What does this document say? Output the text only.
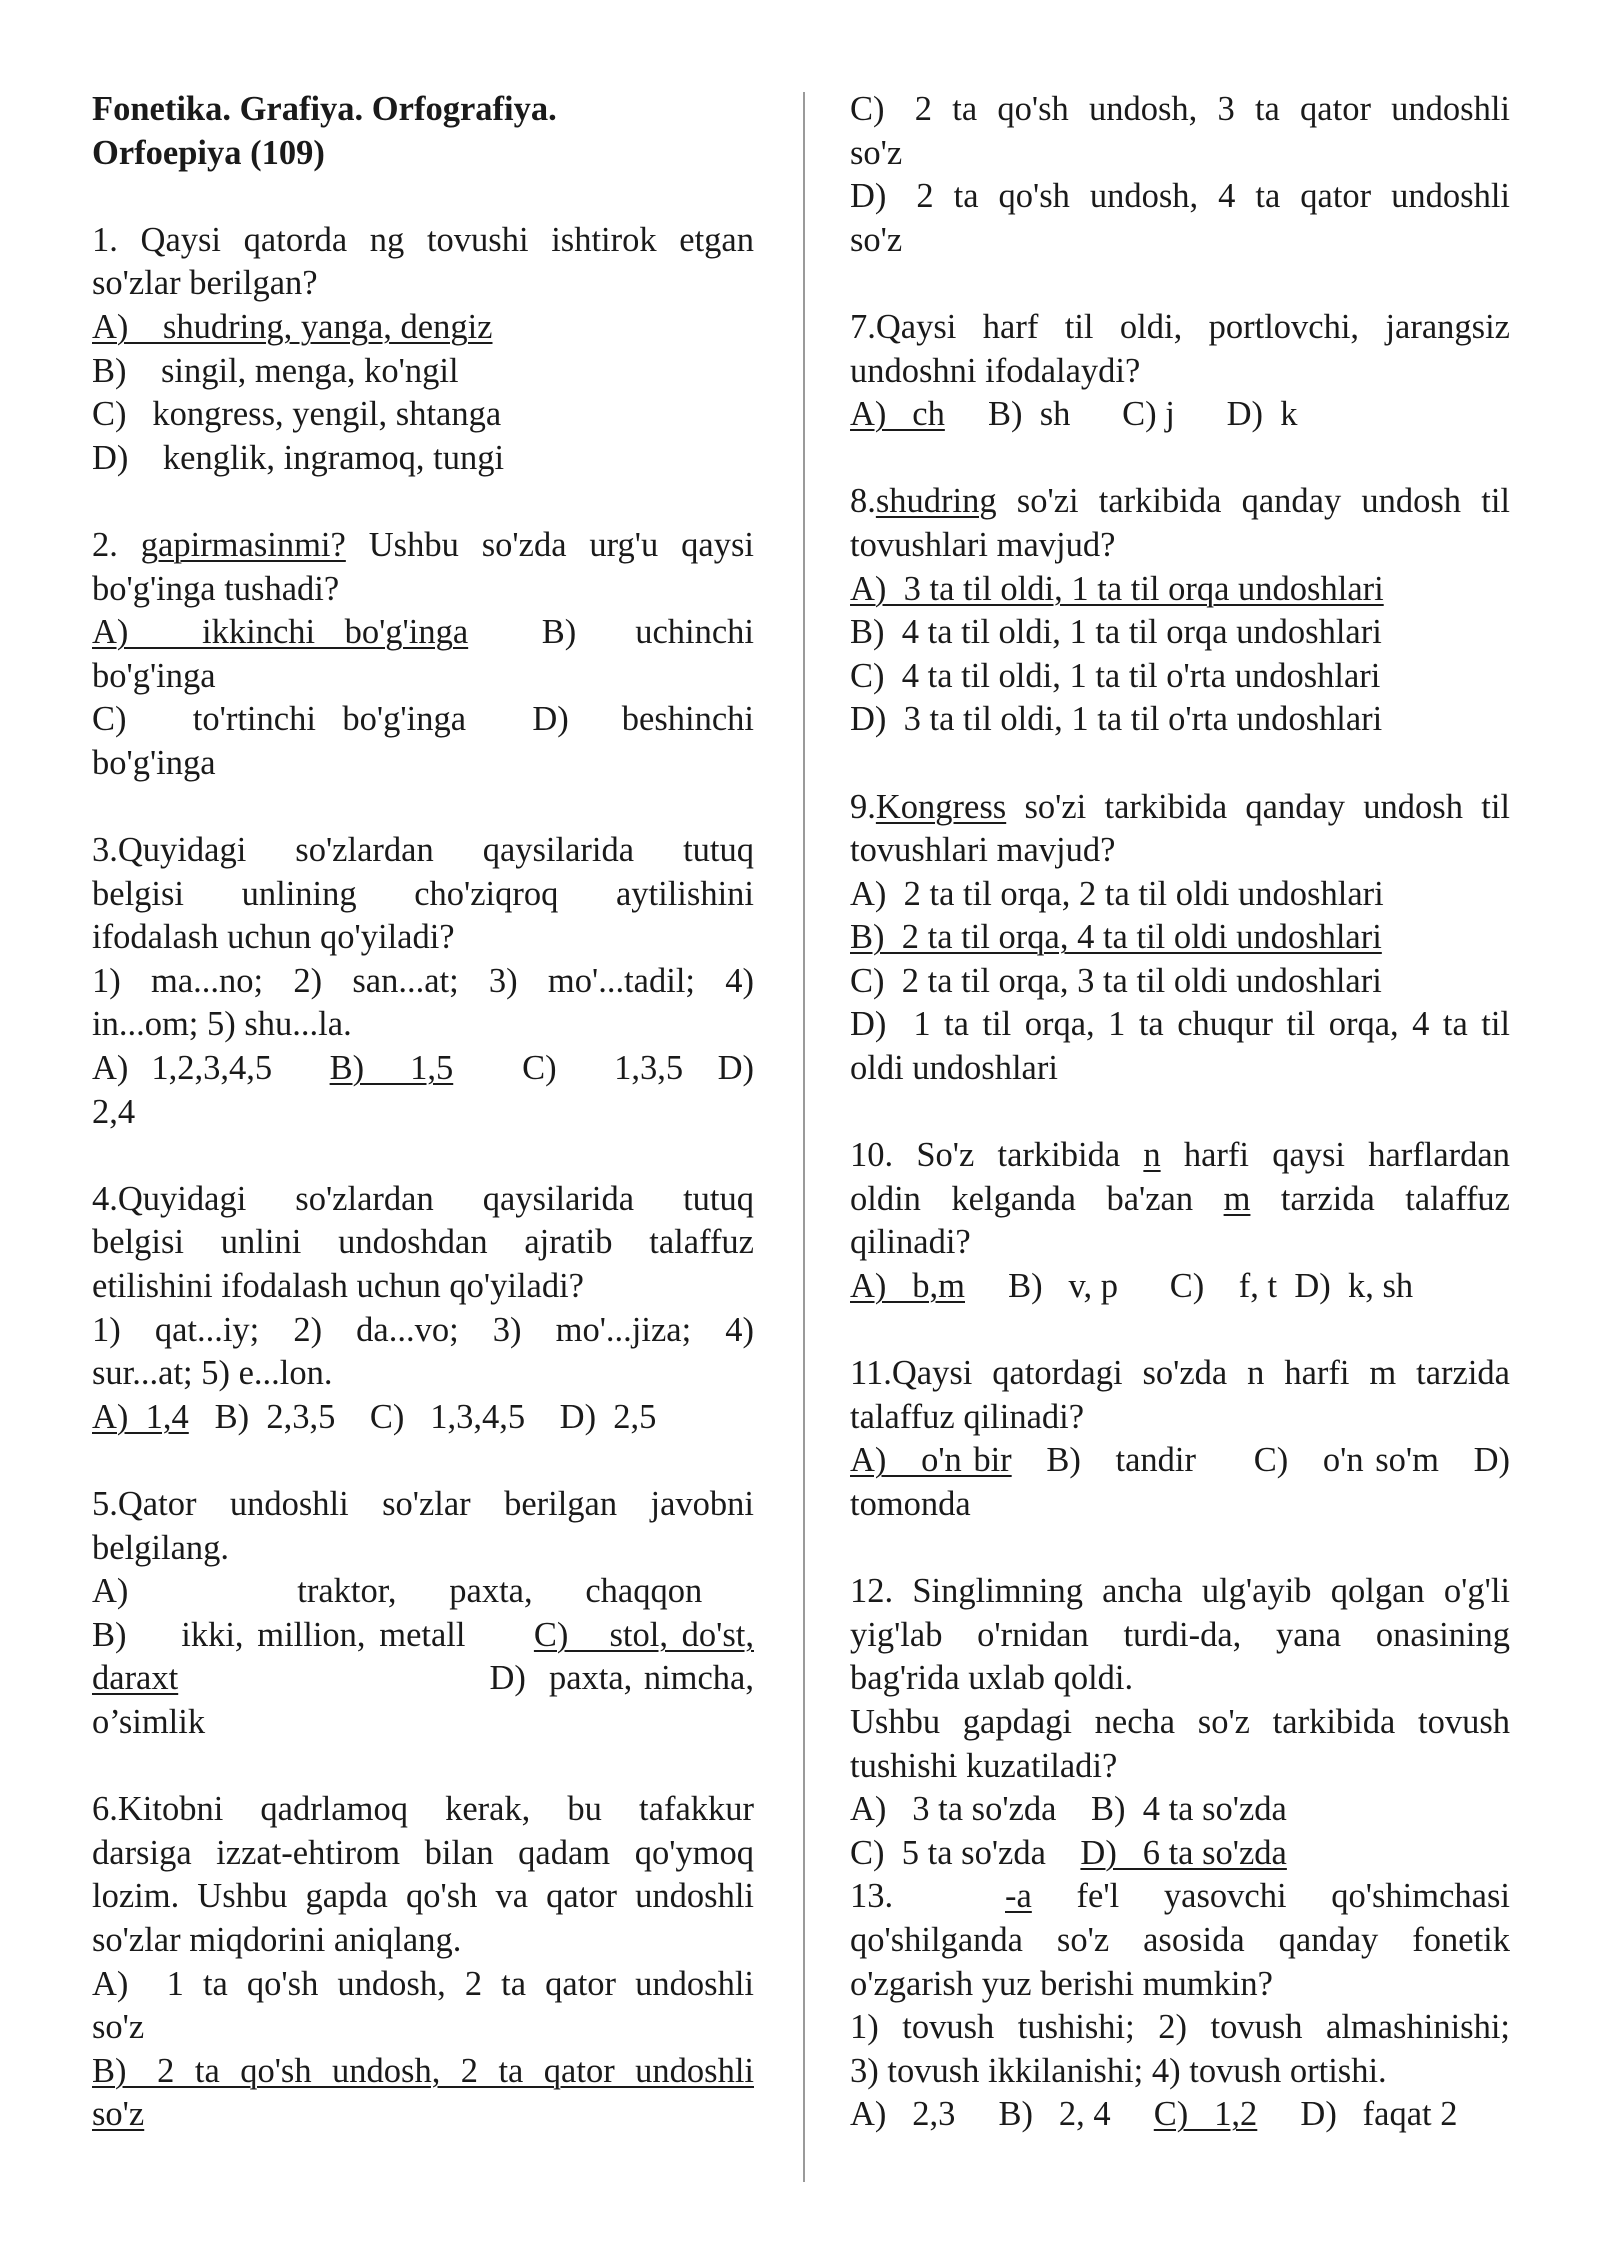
Fonetika. Grafiya. Orfografiya.
Orfoepiya (109)
1. Qaysi qatorda ng tovushi ishtirok etgan
so'zlar berilgan?
A)    shudring, yanga, dengiz
B)    singil, menga, ko'ngil
C)   kongress, yengil, shtanga
D)    kenglik, ingramoq, tungi
2. gapirmasinmi? Ushbu so'zda urg'u qaysi
bo'g'inga tushadi?
A)     ikkinchi  bo'g'inga     B)    uchinchi
bo'g'inga
C)     to'rtinchi  bo'g'inga     D)    beshinchi
bo'g'inga
3.Quyidagi  so'zlardan  qaysilarida  tutuq
belgisi   unlining   cho'ziqroq   aytilishini
ifodalash uchun qo'yiladi?
1)  ma...no;  2)  san...at;  3)  mo'...tadil;  4)
in...om; 5) shu...la.
A)  1,2,3,4,5     B)    1,5      C)     1,3,5   D)
2,4
4.Quyidagi  so'zlardan  qaysilarida  tutuq
belgisi  unlini  undoshdan  ajratib  talaffuz
etilishini ifodalash uchun qo'yiladi?
1)  qat...iy;  2)  da...vo;  3)  mo'...jiza;  4)
sur...at; 5) e...lon.
A)  1,4   B)  2,3,5    C)   1,3,4,5    D)  2,5
5.Qator  undoshli  so'zlar  berilgan  javobni
belgilang.
A)                traktor,     paxta,     chaqqon
B)    ikki, million, metall     C)   stol, do'st,
daraxt                           D)  paxta, nimcha,
o’simlik
6.Kitobni   qadrlamoq   kerak,   bu   tafakkur
darsiga izzat-ehtirom bilan qadam qo'ymoq
lozim. Ushbu gapda qo'sh va qator undoshli
so'zlar miqdorini aniqlang.
A)    1  ta  qo'sh  undosh,  2  ta  qator  undoshli
so'z
B)   2  ta  qo'sh  undosh,  2  ta  qator  undoshli
so'z
C)   2  ta  qo'sh  undosh,  3  ta  qator  undoshli
so'z
D)   2  ta  qo'sh  undosh,  4  ta  qator  undoshli
so'z
7.Qaysi  harf  til  oldi,  portlovchi,  jarangsiz
undoshni ifodalaydi?
A)   ch     B)  sh      C) j      D)  k
8.shudring so'zi tarkibida qanday undosh til
tovushlari mavjud?
A)  3 ta til oldi, 1 ta til orqa undoshlari
B)  4 ta til oldi, 1 ta til orqa undoshlari
C)  4 ta til oldi, 1 ta til o'rta undoshlari
D)  3 ta til oldi, 1 ta til o'rta undoshlari
9.Kongress so'zi tarkibida qanday undosh til
tovushlari mavjud?
A)  2 ta til orqa, 2 ta til oldi undoshlari
B)  2 ta til orqa, 4 ta til oldi undoshlari
C)  2 ta til orqa, 3 ta til oldi undoshlari
D)  1 ta til orqa, 1 ta chuqur til orqa, 4 ta til
oldi undoshlari
10.  So'z  tarkibida  n  harfi  qaysi  harflardan
oldin  kelganda  ba'zan  m  tarzida  talaffuz
qilinadi?
A)   b,m     B)   v, p      C)    f, t  D)  k, sh
11.Qaysi qatordagi so'zda n harfi m tarzida
talaffuz qilinadi?
A)   o'n bir   B)   tandir     C)   o'n so'm   D)
tomonda
12. Singlimning ancha ulg'ayib qolgan o'g'li
yig'lab  o'rnidan  turdi-da,  yana  onasining
bag'rida uxlab qoldi.
Ushbu  gapdagi  necha  so'z  tarkibida  tovush
tushishi kuzatiladi?
A)   3 ta so'zda    B)  4 ta so'zda
C)  5 ta so'zda    D)   6 ta so'zda
13.          -a    fe'l    yasovchi    qo'shimchasi
qo'shilganda  so'z  asosida  qanday  fonetik
o'zgarish yuz berishi mumkin?
1)  tovush  tushishi;  2)  tovush  almashinishi;
3) tovush ikkilanishi; 4) tovush ortishi.
A)   2,3     B)   2, 4     C)   1,2     D)   faqat 2
